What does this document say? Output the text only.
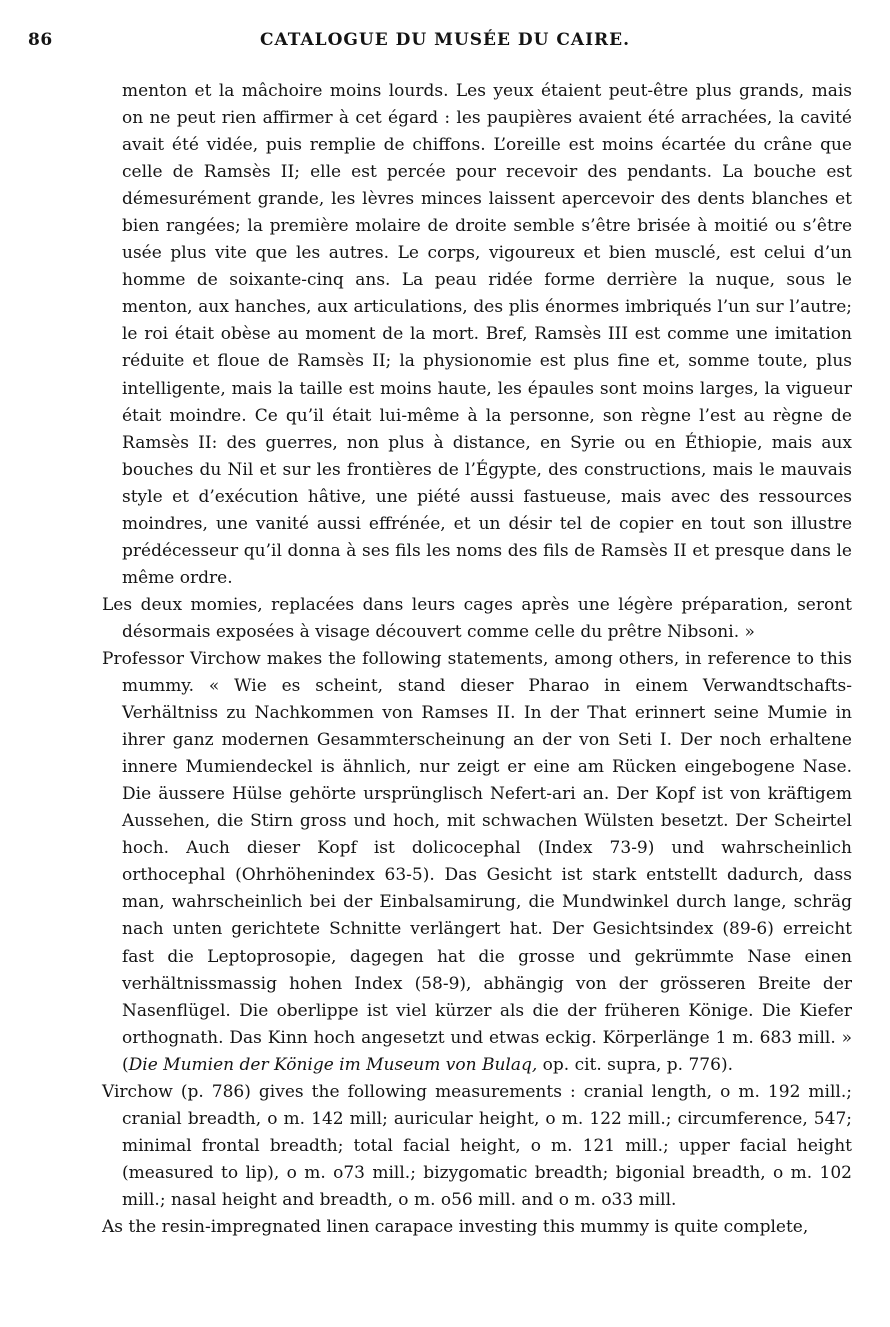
86	CATALOGUE DU MUSÉE DU CAIRE.

menton et la mâchoire moins lourds. Les yeux étaient peut-être plus grands, mais on ne peut rien affirmer à cet égard : les paupières avaient été arrachées, la cavité avait été vidée, puis remplie de chiffons. L’oreille est moins écartée du crâne que celle de Ramsès II; elle est percée pour recevoir des pendants. La bouche est démesurément grande, les lèvres minces laissent apercevoir des dents blanches et bien rangées; la première molaire de droite semble s’être brisée à moitié ou s’être usée plus vite que les autres. Le corps, vigoureux et bien musclé, est celui d’un homme de soixante-cinq ans. La peau ridée forme derrière la nuque, sous le menton, aux hanches, aux articulations, des plis énormes imbriqués l’un sur l’autre; le roi était obèse au moment de la mort. Bref, Ramsès III est comme une imitation réduite et floue de Ramsès II; la physionomie est plus fine et, somme toute, plus intelligente, mais la taille est moins haute, les épaules sont moins larges, la vigueur était moindre. Ce qu’il était lui-même à la personne, son règne l’est au règne de Ramsès II: des guerres, non plus à distance, en Syrie ou en Éthiopie, mais aux bouches du Nil et sur les frontières de l’Égypte, des constructions, mais le mauvais style et d’exécution hâtive, une piété aussi fastueuse, mais avec des ressources moindres, une vanité aussi effrénée, et un désir tel de copier en tout son illustre prédécesseur qu’il donna à ses fils les noms des fils de Ramsès II et presque dans le même ordre.

Les deux momies, replacées dans leurs cages après une légère préparation, seront désormais exposées à visage découvert comme celle du prêtre Nibsoni. »

Professor Virchow makes the following statements, among others, in reference to this mummy. « Wie es scheint, stand dieser Pharao in einem Verwandtschafts-Verhältniss zu Nachkommen von Ramses II. In der That erinnert seine Mumie in ihrer ganz modernen Gesammterscheinung an der von Seti I. Der noch erhaltene innere Mumiendeckel is ähnlich, nur zeigt er eine am Rücken eingebogene Nase. Die äussere Hülse gehörte ursprünglisch Nefert-ari an. Der Kopf ist von kräftigem Aussehen, die Stirn gross und hoch, mit schwachen Wülsten besetzt. Der Scheirtel hoch. Auch dieser Kopf ist dolicocephal (Index 73-9) und wahrscheinlich orthocephal (Ohrhöhenindex 63-5). Das Gesicht ist stark entstellt dadurch, dass man, wahrscheinlich bei der Einbalsamirung, die Mundwinkel durch lange, schräg nach unten gerichtete Schnitte verlängert hat. Der Gesichtsindex (89-6) erreicht fast die Leptoprosopie, dagegen hat die grosse und gekrümmte Nase einen verhältnissmassig hohen Index (58-9), abhängig von der grösseren Breite der Nasenflügel. Die oberlippe ist viel kürzer als die der früheren Könige. Die Kiefer orthognath. Das Kinn hoch angesetzt und etwas eckig. Körperlänge 1 m. 683 mill. » (Die Mumien der Könige im Museum von Bulaq, op. cit. supra, p. 776).

Virchow (p. 786) gives the following measurements : cranial length, o m. 192 mill.; cranial breadth, o m. 142 mill; auricular height, o m. 122 mill.; circumference, 547; minimal frontal breadth; total facial height, o m. 121 mill.; upper facial height (measured to lip), o m. o73 mill.; bizygomatic breadth; bigonial breadth, o m. 102 mill.; nasal height and breadth, o m. o56 mill. and o m. o33 mill.

As the resin-impregnated linen carapace investing this mummy is quite complete,
